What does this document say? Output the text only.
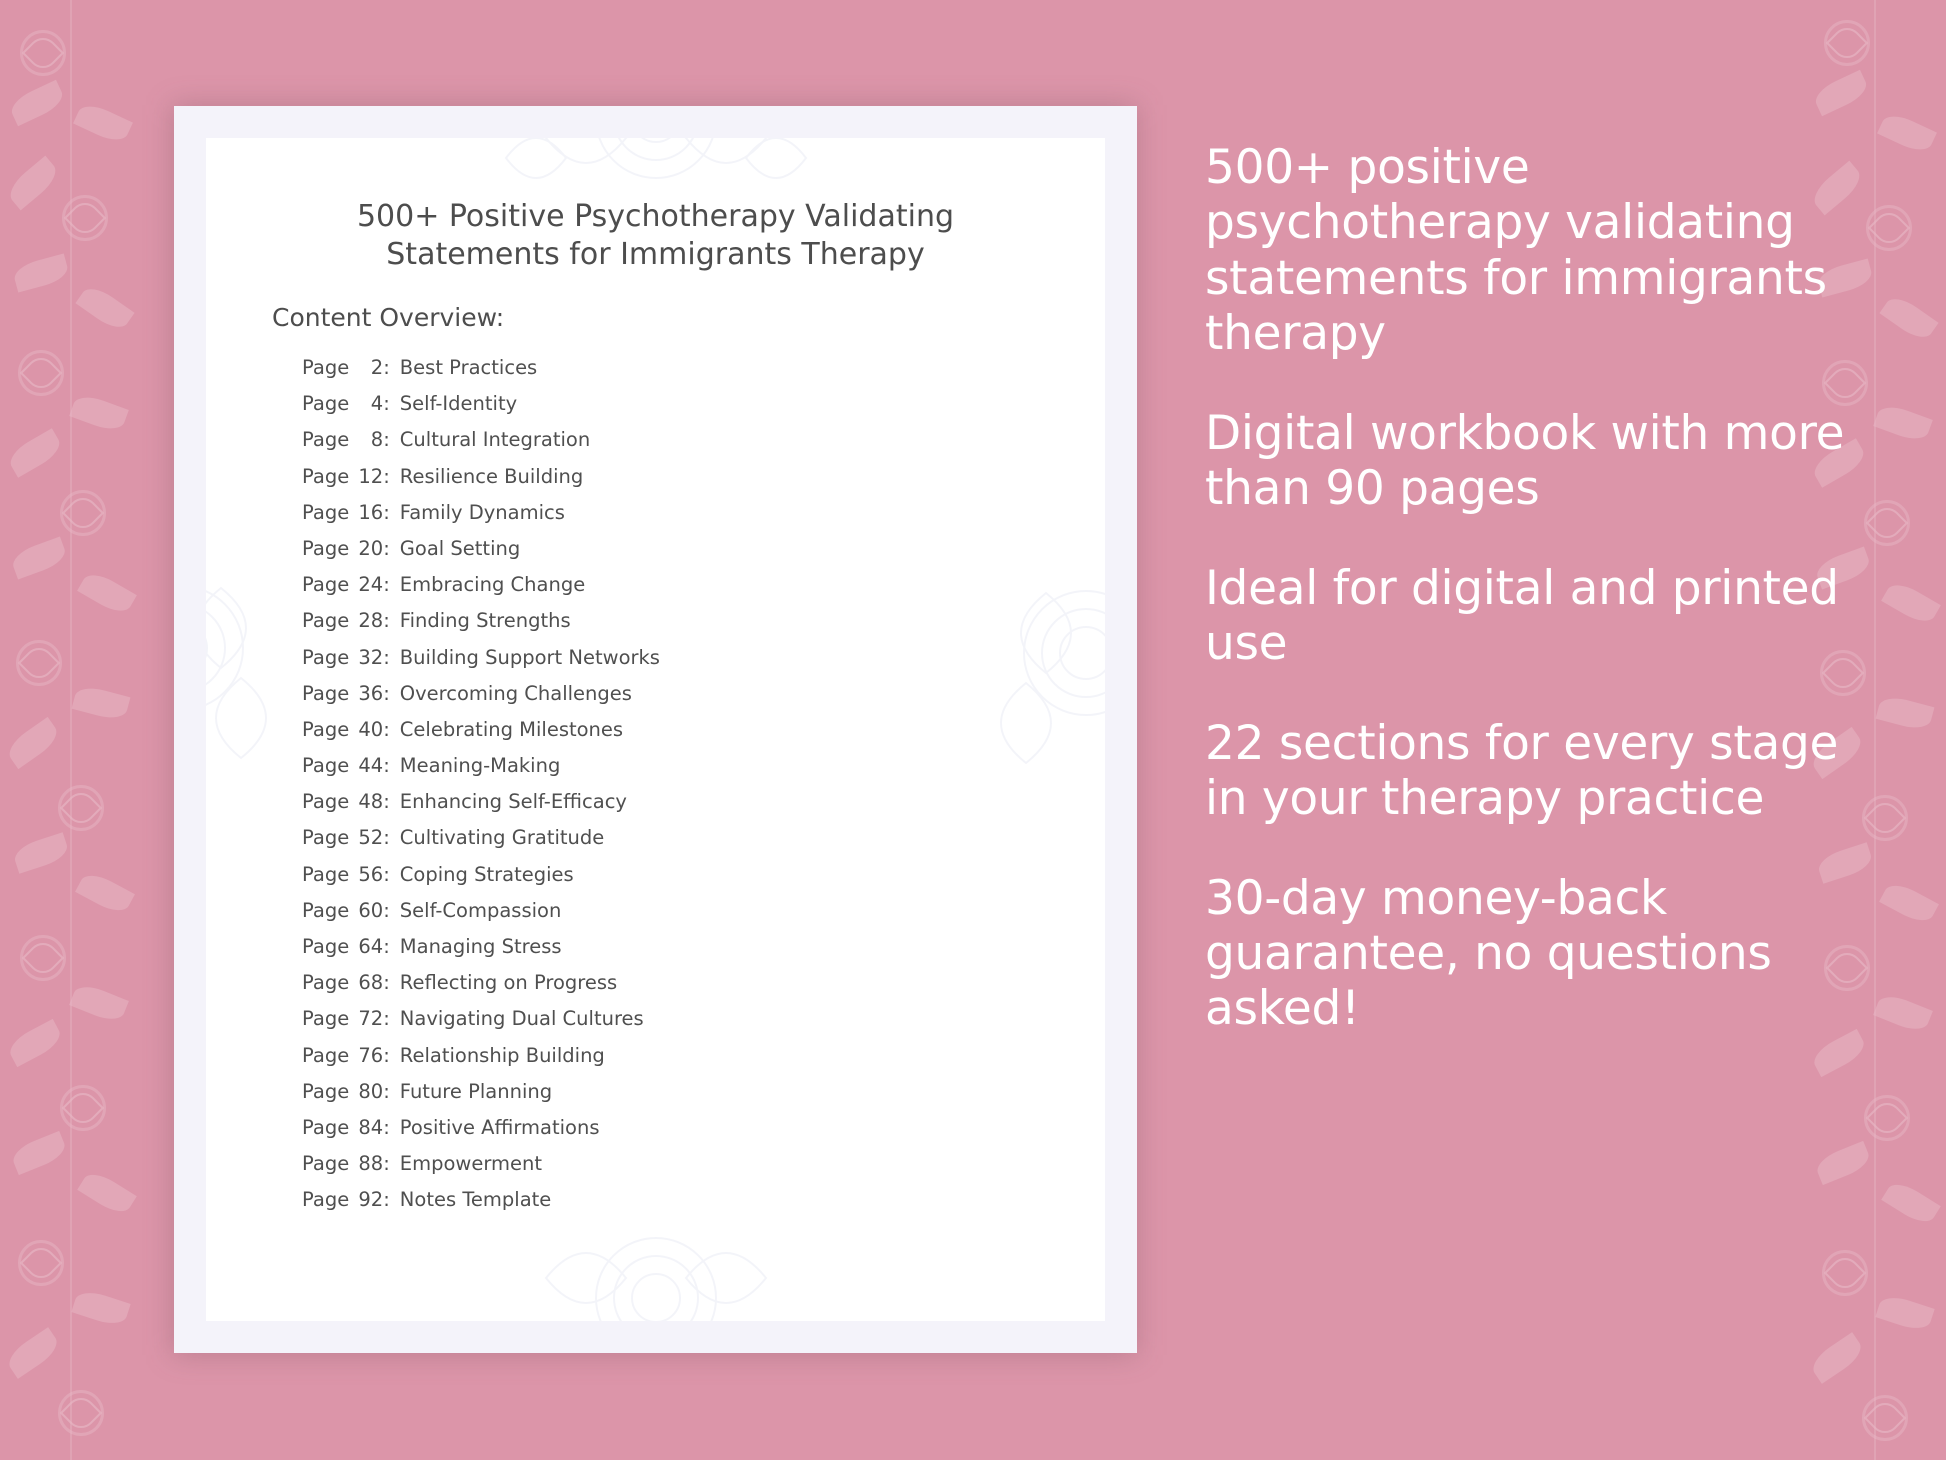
500+ Positive Psychotherapy Validating Statements for Immigrants Therapy
Content Overview:
Page	2 : Best Practices
Page	4 : Self-Identity
Page	8 : Cultural Integration
Page 12 : Resilience Building
Page 16 : Family Dynamics
Page 20 : Goal Setting
Page 24 : Embracing Change
Page 28 : Finding Strengths
Page 32 : Building Support Networks
Page 36 : Overcoming Challenges
Page 40 : Celebrating Milestones
Page 44 : Meaning-Making
Page 48 : Enhancing Self-Efficacy
Page 52 : Cultivating Gratitude
Page 56 : Coping Strategies
Page 60 : Self-Compassion
Page 64 : Managing Stress
Page 68 : Reflecting on Progress
Page 72 : Navigating Dual Cultures
Page 76 : Relationship Building
Page 80 : Future Planning
Page 84 : Positive Affirmations
Page 88 : Empowerment
Page 92 : Notes Template
500+ positive psychotherapy validating statements for immigrants therapy
Digital workbook with more than 90 pages
Ideal for digital and printed use
22 sections for every stage in your therapy practice
30-day money-back guarantee, no questions asked!
